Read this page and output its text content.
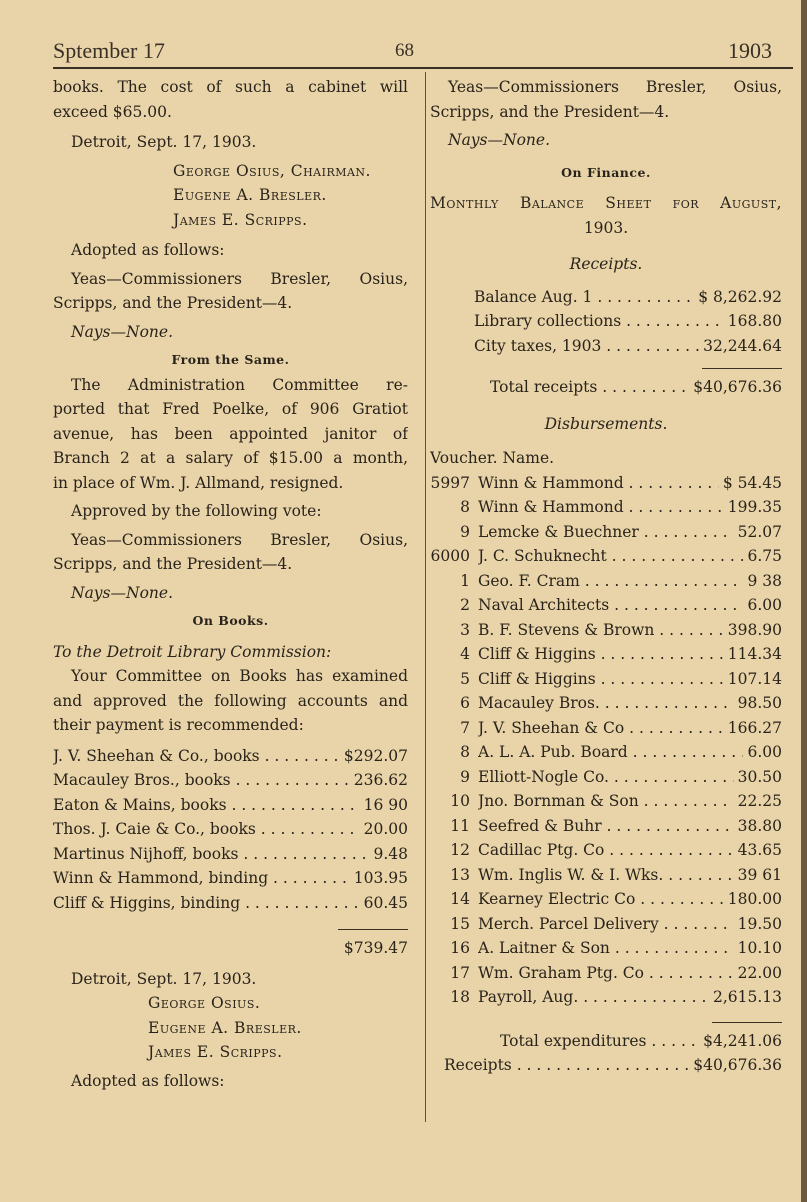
Sptember 17	68	1903
books. The cost of such a cabinet will
exceed $65.00.
Detroit, Sept. 17, 1903.
George Osius, Chairman.
Eugene A. Bresler.
James E. Scripps.
Adopted as follows:
Yeas—Commissioners Bresler, Osius,
Scripps, and the President—4.
Nays—None.
From the Same.
The Administration Committee re-
ported that Fred Poelke, of 906 Gratiot
avenue, has been appointed janitor of
Branch 2 at a salary of $15.00 a month,
in place of Wm. J. Allmand, resigned.
Approved by the following vote:
Yeas—Commissioners Bresler, Osius,
Scripps, and the President—4.
Nays—None.
On Books.
To the Detroit Library Commission:
Your Committee on Books has examined
and approved the following accounts and
their payment is recommended:
J. V. Sheehan & Co., books . . .	$292.07
Macauley Bros., books . . .	236.62
Eaton & Mains, books . . .	16 90
Thos. J. Caie & Co., books . . .	20.00
Martinus Nijhoff, books . . .	9.48
Winn & Hammond, binding . . .	103.95
Cliff & Higgins, binding . . .	60.45
$739.47
Detroit, Sept. 17, 1903.
George Osius.
Eugene A. Bresler.
James E. Scripps.
Adopted as follows:
Yeas—Commissioners Bresler, Osius,
Scripps, and the President—4.
Nays—None.
On Finance.
Monthly Balance Sheet for August,
1903.
Receipts.
Balance Aug. 1 . . .	$ 8,262.92
Library collections . . .	168.80
City taxes, 1903 . . .	32,244.64
Total receipts . . .	$40,676.36
Disbursements.
Voucher. Name.
5997 Winn & Hammond . . .	$ 54.45
8 Winn & Hammond . . .	199.35
9 Lemcke & Buechner . . .	52.07
6000 J. C. Schuknecht . . .	6.75
1 Geo. F. Cram . . .	9 38
2 Naval Architects . . .	6.00
3 B. F. Stevens & Brown . . .	398.90
4 Cliff & Higgins . . .	114.34
5 Cliff & Higgins . . .	107.14
6 Macauley Bros. . . .	98.50
7 J. V. Sheehan & Co . . .	166.27
8 A. L. A. Pub. Board . . .	6.00
9 Elliott-Nogle Co. . . .	30.50
10 Jno. Bornman & Son . . .	22.25
11 Seefred & Buhr . . .	38.80
12 Cadillac Ptg. Co . . .	43.65
13 Wm. Inglis W. & I. Wks. . . .	39 61
14 Kearney Electric Co . . .	180.00
15 Merch. Parcel Delivery . . .	19.50
16 A. Laitner & Son . . .	10.10
17 Wm. Graham Ptg. Co . . .	22.00
18 Payroll, Aug. . . .	2,615.13
Total expenditures . . .	$4,241.06
Receipts . . .	$40,676.36
